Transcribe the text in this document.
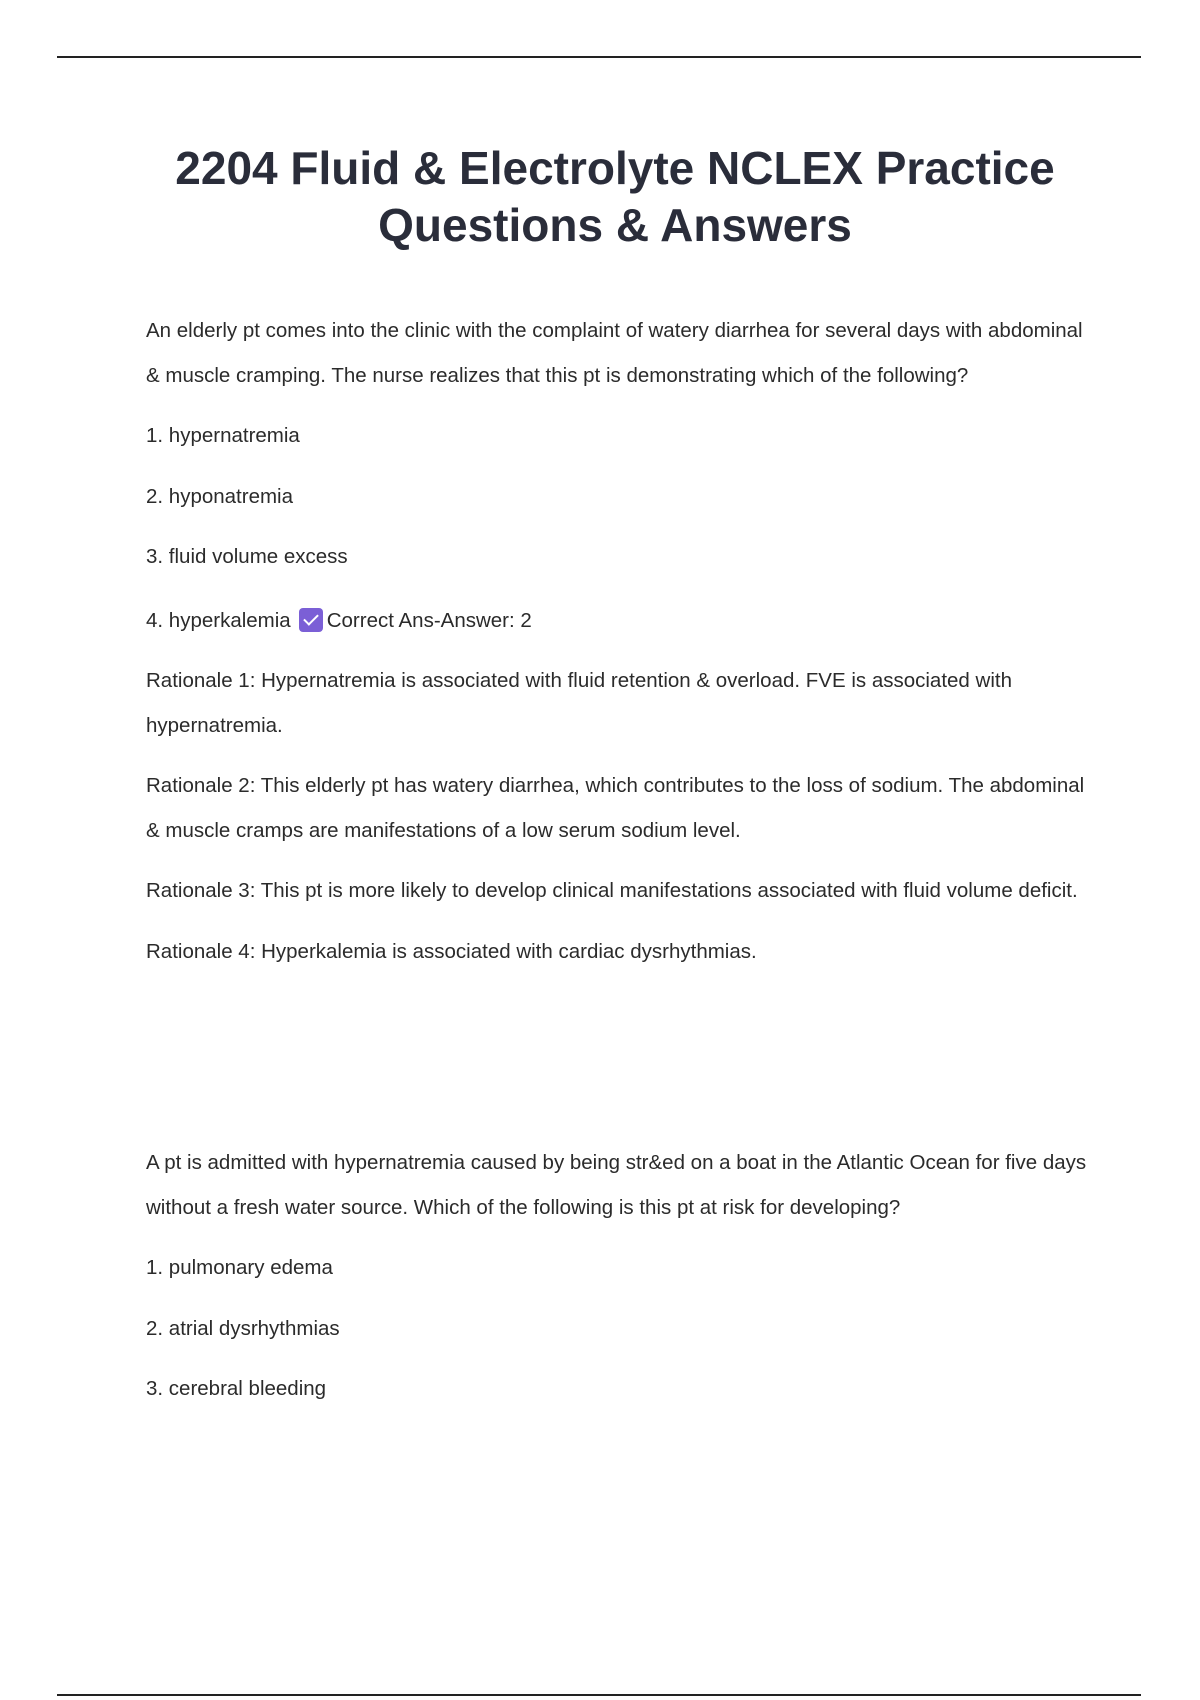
2204 Fluid & Electrolyte NCLEX Practice Questions & Answers

An elderly pt comes into the clinic with the complaint of watery diarrhea for several days with abdominal & muscle cramping. The nurse realizes that this pt is demonstrating which of the following?

1. hypernatremia

2. hyponatremia

3. fluid volume excess

4. hyperkalemia Correct Ans-Answer: 2

Rationale 1: Hypernatremia is associated with fluid retention & overload. FVE is associated with hypernatremia.

Rationale 2: This elderly pt has watery diarrhea, which contributes to the loss of sodium. The abdominal & muscle cramps are manifestations of a low serum sodium level.

Rationale 3: This pt is more likely to develop clinical manifestations associated with fluid volume deficit.

Rationale 4: Hyperkalemia is associated with cardiac dysrhythmias.

A pt is admitted with hypernatremia caused by being str&ed on a boat in the Atlantic Ocean for five days without a fresh water source. Which of the following is this pt at risk for developing?

1. pulmonary edema

2. atrial dysrhythmias

3. cerebral bleeding
